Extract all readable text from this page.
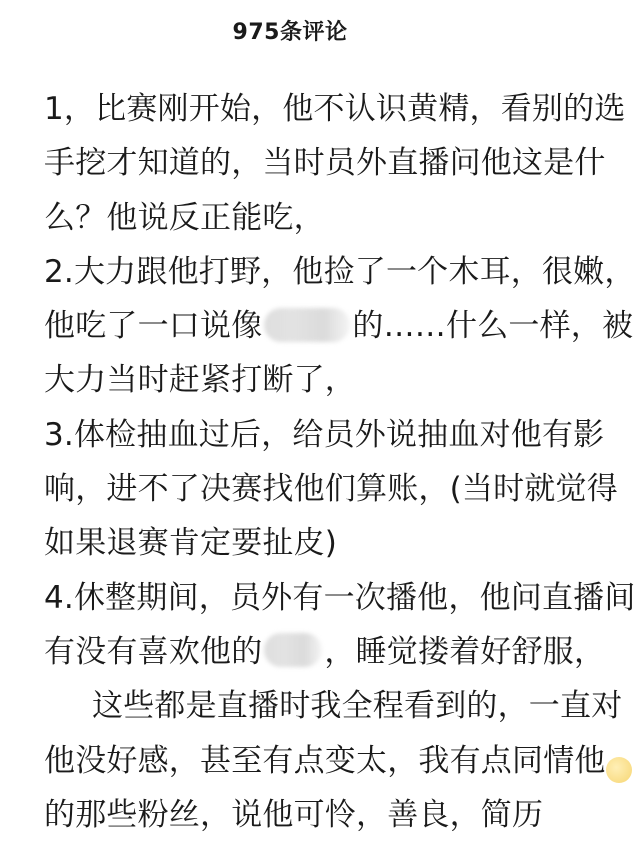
975条评论
1，比赛刚开始，他不认识黄精，看别的选
手挖才知道的，当时员外直播问他这是什
么？他说反正能吃，
2.大力跟他打野，他捡了一个木耳，很嫩，
他吃了一口说像	的……什么一样，被
大力当时赶紧打断了，
3.体检抽血过后，给员外说抽血对他有影
响，进不了决赛找他们算账，(当时就觉得
如果退赛肯定要扯皮)
4.休整期间，员外有一次播他，他问直播间
有没有喜欢他的 ，睡觉搂着好舒服，
这些都是直播时我全程看到的，一直对
他没好感，甚至有点变太，我有点同情他
的那些粉丝，说他可怜，善良，简历
